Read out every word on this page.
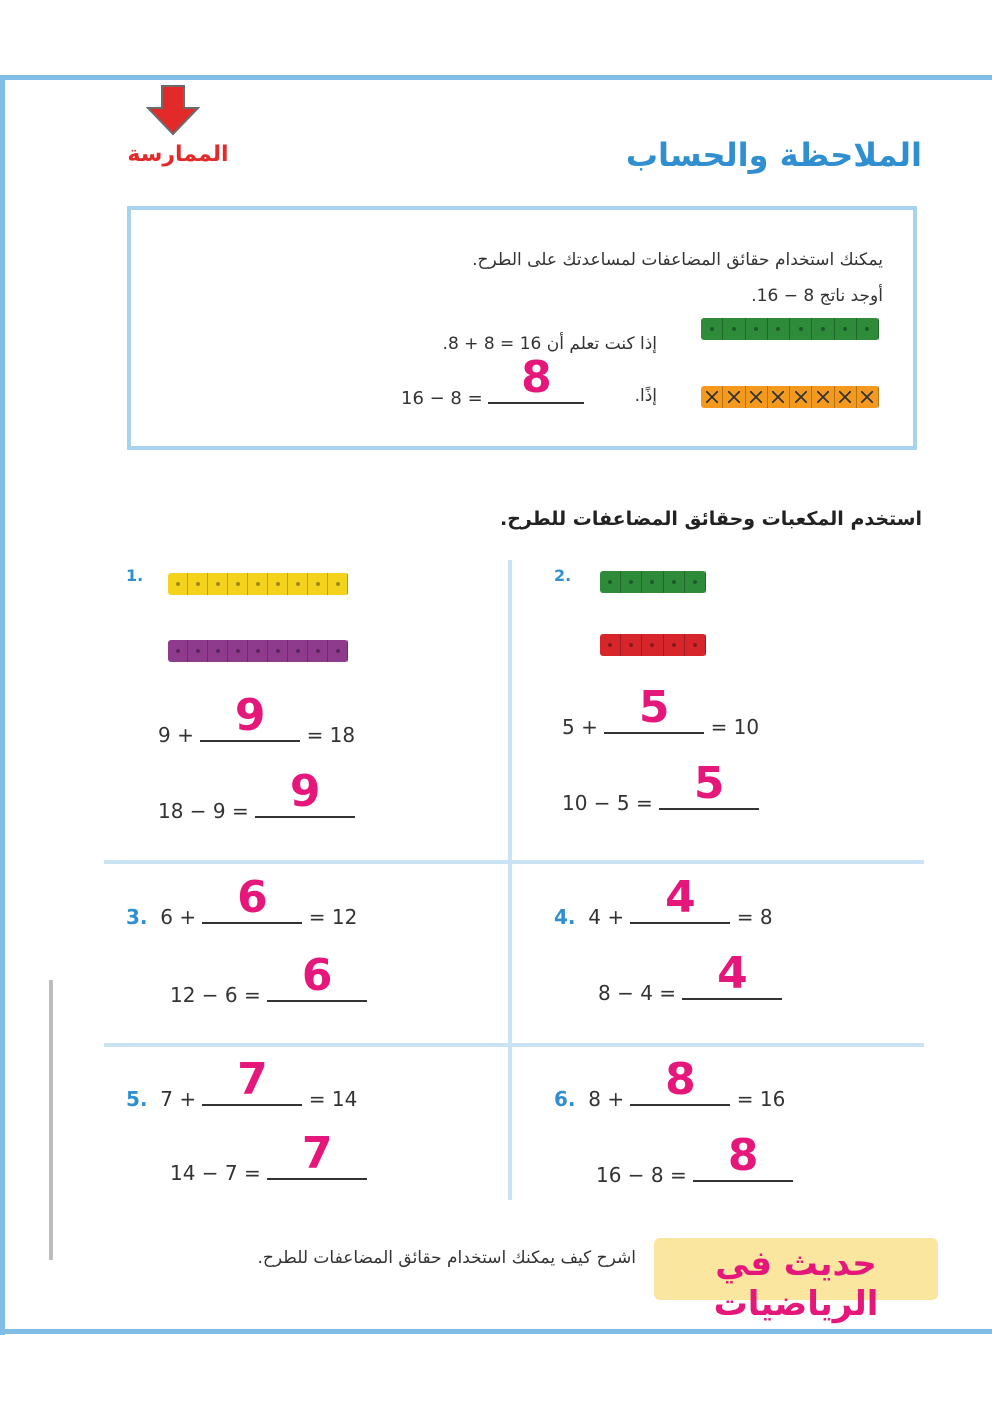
الممارسة	الملاحظة والحساب
يمكنك استخدام حقائق المضاعفات لمساعدتك على الطرح.
أوجد ناتج 8 − 16.
إذا كنت تعلم أن 16 = 8 + 8.
إذًا.
16 − 8 = 8
استخدم المكعبات وحقائق المضاعفات للطرح.
1.
9 + 9	= 18
18 − 9 = 9
2.
5 + 5	= 10
10 − 5 = 5
3. 6 + 6	= 12
12 − 6 = 6
4. 4 + 4	= 8
8 − 4 = 4
5. 7 + 7	= 14
14 − 7 = 7
6. 8 + 8	= 16
16 − 8 = 8
حديث في الرياضيات
اشرح كيف يمكنك استخدام حقائق المضاعفات للطرح.
